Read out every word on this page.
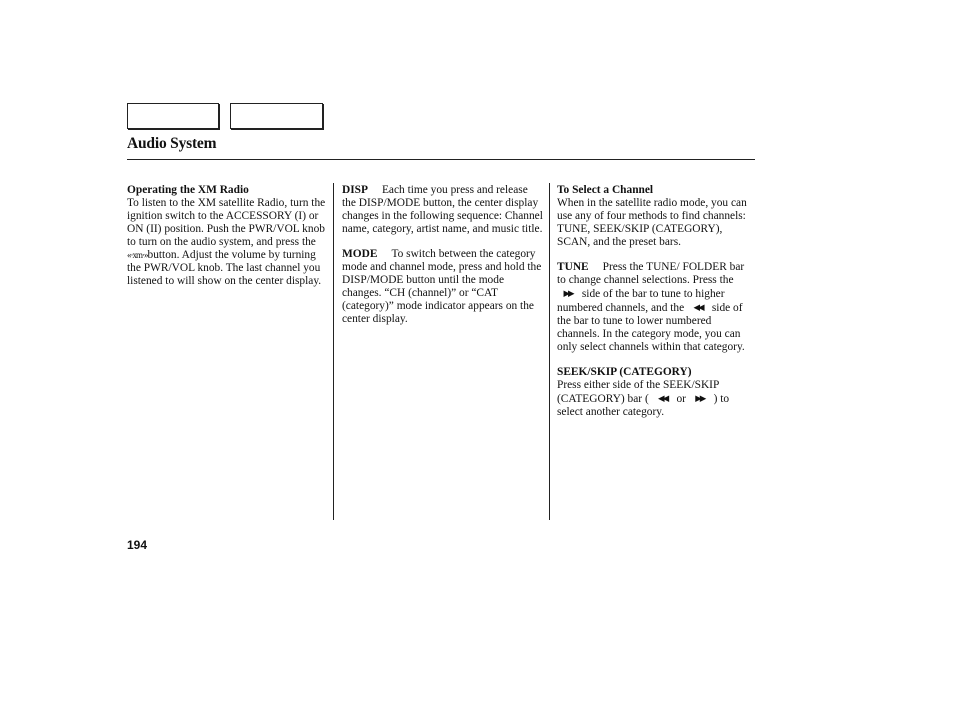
Audio System
Operating the XM Radio
To listen to the XM satellite Radio, turn the ignition switch to the ACCESSORY (I) or ON (II) position. Push the PWR/VOL knob to turn on the audio system, and press the «·xm·»button. Adjust the volume by turning the PWR/VOL knob. The last channel you listened to will show on the center display.
DISP Each time you press and release the DISP/MODE button, the center display changes in the following sequence: Channel name, category, artist name, and music title.
MODE To switch between the category mode and channel mode, press and hold the DISP/MODE button until the mode changes. “CH (channel)” or “CAT (category)” mode indicator appears on the center display.
To Select a Channel
When in the satellite radio mode, you can use any of four methods to find channels: TUNE, SEEK/SKIP (CATEGORY), SCAN, and the preset bars.
TUNE Press the TUNE/ FOLDER bar to change channel selections. Press the ▶▶ side of the bar to tune to higher numbered channels, and the ◀◀ side of the bar to tune to lower numbered channels. In the category mode, you can only select channels within that category.
SEEK/SKIP (CATEGORY)
Press either side of the SEEK/SKIP (CATEGORY) bar ( ◀◀ or ▶▶ ) to select another category.
194
